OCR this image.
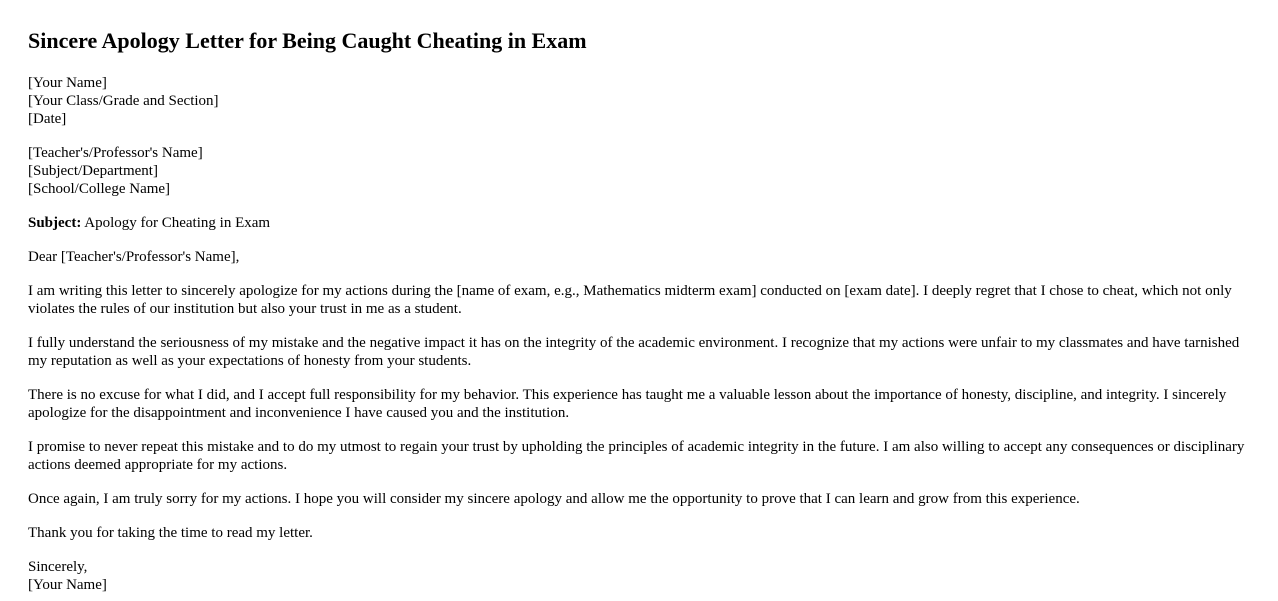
Sincere Apology Letter for Being Caught Cheating in Exam
[Your Name]
[Your Class/Grade and Section]
[Date]
[Teacher's/Professor's Name]
[Subject/Department]
[School/College Name]

Subject: Apology for Cheating in Exam

Dear [Teacher's/Professor's Name],

I am writing this letter to sincerely apologize for my actions during the [name of exam, e.g., Mathematics midterm exam] conducted on [exam date]. I deeply regret that I chose to cheat, which not only violates the rules of our institution but also your trust in me as a student.

I fully understand the seriousness of my mistake and the negative impact it has on the integrity of the academic environment. I recognize that my actions were unfair to my classmates and have tarnished my reputation as well as your expectations of honesty from your students.

There is no excuse for what I did, and I accept full responsibility for my behavior. This experience has taught me a valuable lesson about the importance of honesty, discipline, and integrity. I sincerely apologize for the disappointment and inconvenience I have caused you and the institution.

I promise to never repeat this mistake and to do my utmost to regain your trust by upholding the principles of academic integrity in the future. I am also willing to accept any consequences or disciplinary actions deemed appropriate for my actions.

Once again, I am truly sorry for my actions. I hope you will consider my sincere apology and allow me the opportunity to prove that I can learn and grow from this experience.

Thank you for taking the time to read my letter.

Sincerely,
[Your Name]
